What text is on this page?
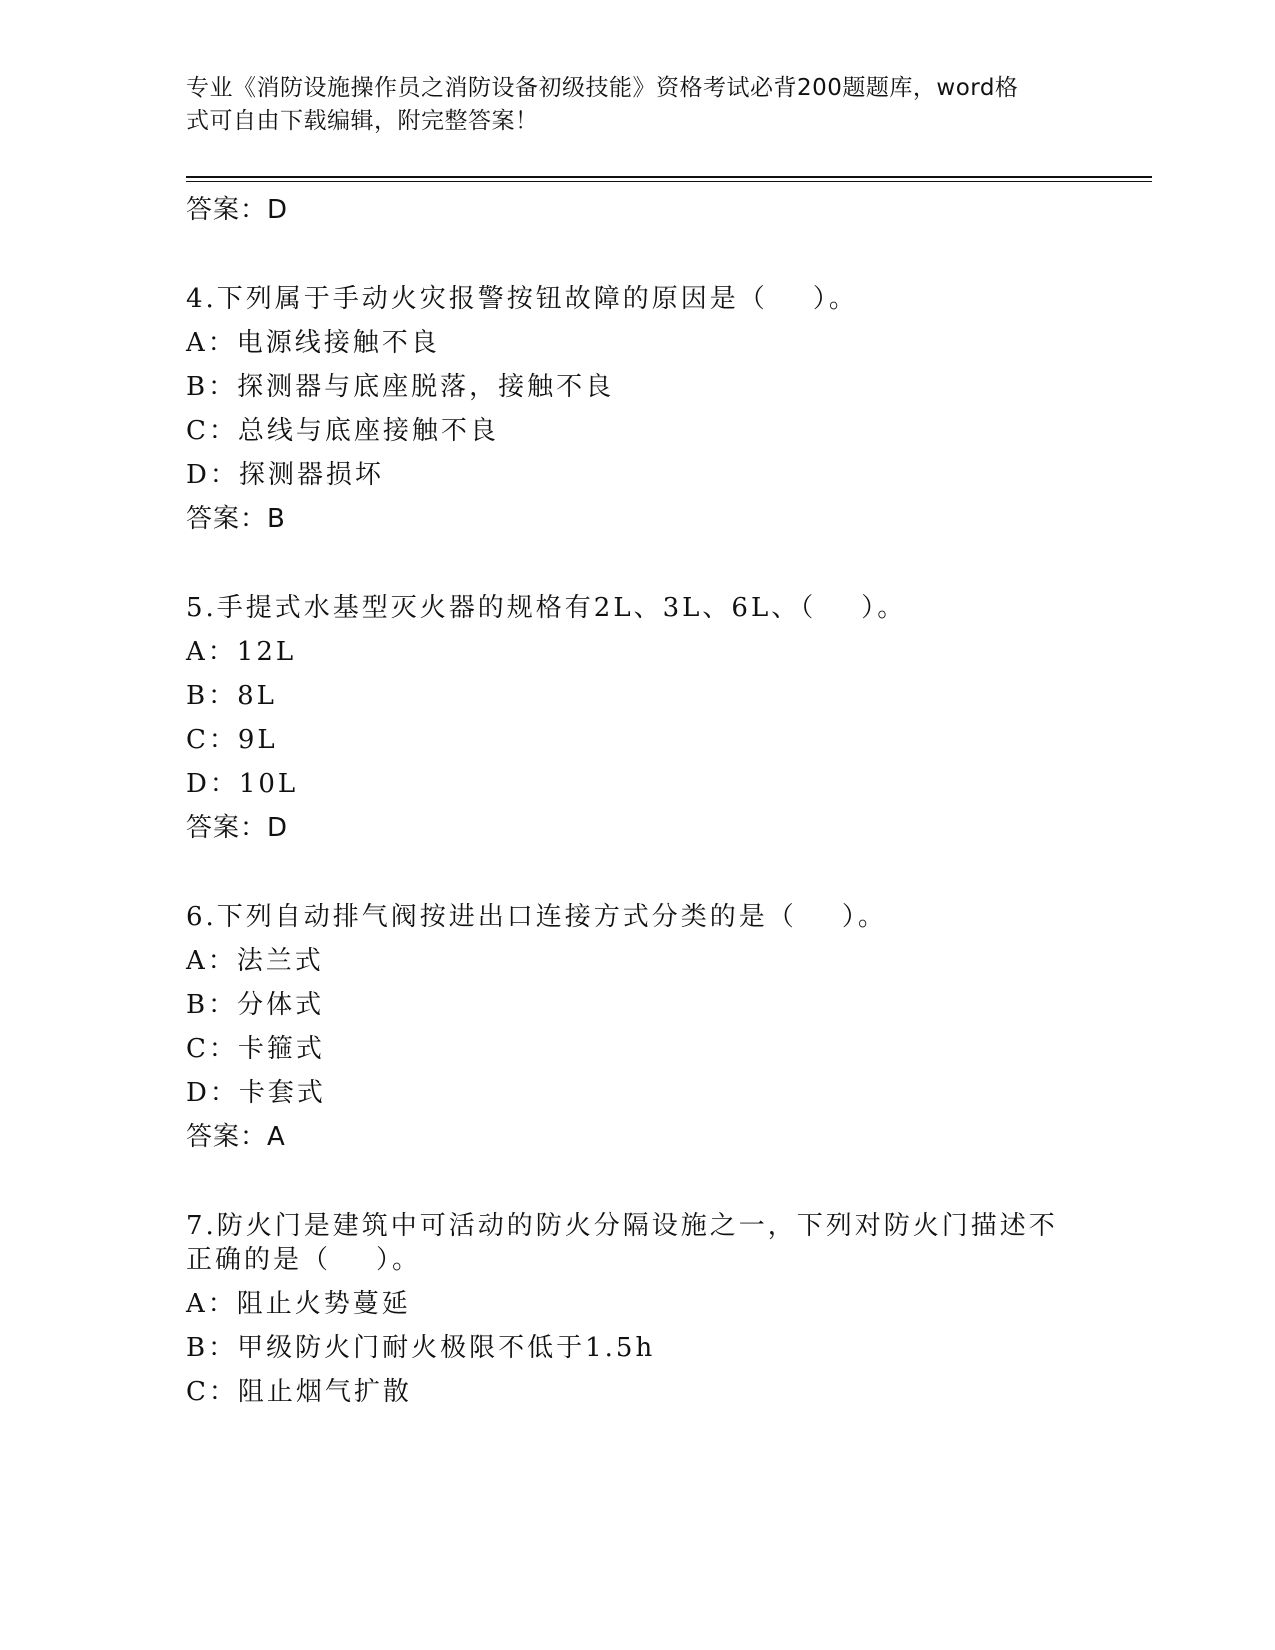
专业《消防设施操作员之消防设备初级技能》资格考试必背200题题库，word格
式可自由下载编辑，附完整答案！

答案：D

4.下列属于手动火灾报警按钮故障的原因是（    ）。

A：电源线接触不良

B：探测器与底座脱落，接触不良

C：总线与底座接触不良

D：探测器损坏

答案：B

5.手提式水基型灭火器的规格有2L、3L、6L、（    ）。

A：12L

B：8L

C：9L

D：10L

答案：D

6.下列自动排气阀按进出口连接方式分类的是（    ）。

A：法兰式

B：分体式

C：卡箍式

D：卡套式

答案：A

7.防火门是建筑中可活动的防火分隔设施之一，下列对防火门描述不

正确的是（    ）。

A：阻止火势蔓延

B：甲级防火门耐火极限不低于1.5h

C：阻止烟气扩散
